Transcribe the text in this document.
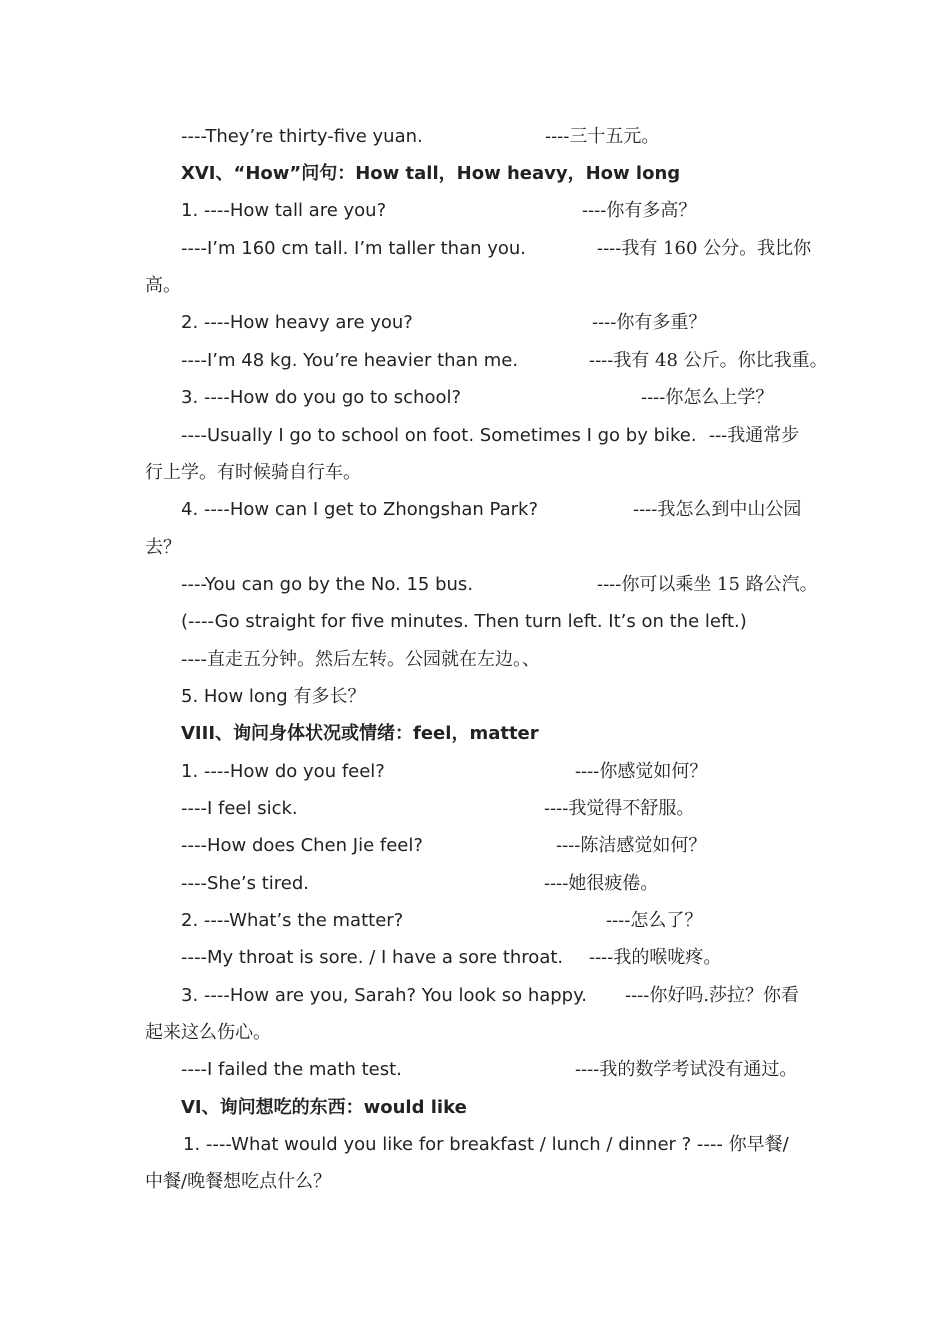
----They’re thirty-five yuan.	----三十五元。
XVI、“How”问句：How tall，How heavy，How long
1. ----How tall are you?	----你有多高？
----I’m 160 cm tall. I’m taller than you.	----我有 160 公分。我比你
高。
2. ----How heavy are you?	----你有多重？
----I’m 48 kg. You’re heavier than me.	----我有 48 公斤。你比我重。
3. ----How do you go to school?	----你怎么上学？
----Usually I go to school on foot. Sometimes I go by bike. ---我通常步
行上学。有时候骑自行车。
4. ----How can I get to Zhongshan Park?	----我怎么到中山公园
去？
----You can go by the No. 15 bus.	----你可以乘坐 15 路公汽。
(----Go straight for five minutes. Then turn left. It’s on the left.)
----直走五分钟。然后左转。公园就在左边。、
5. How long 有多长？
VIII、询问身体状况或情绪：feel，matter
1. ----How do you feel?	----你感觉如何？
----I feel sick.	----我觉得不舒服。
----How does Chen Jie feel?	----陈洁感觉如何？
----She’s tired.	----她很疲倦。
2. ----What’s the matter?	----怎么了？
----My throat is sore. / I have a sore throat. ----我的喉咙疼。
3. ----How are you, Sarah? You look so happy. ----你好吗.莎拉？你看
起来这么伤心。
----I failed the math test.	----我的数学考试没有通过。
VI、询问想吃的东西：would like
1. ----What would you like for breakfast / lunch / dinner ? ---- 你早餐/
中餐/晚餐想吃点什么？
